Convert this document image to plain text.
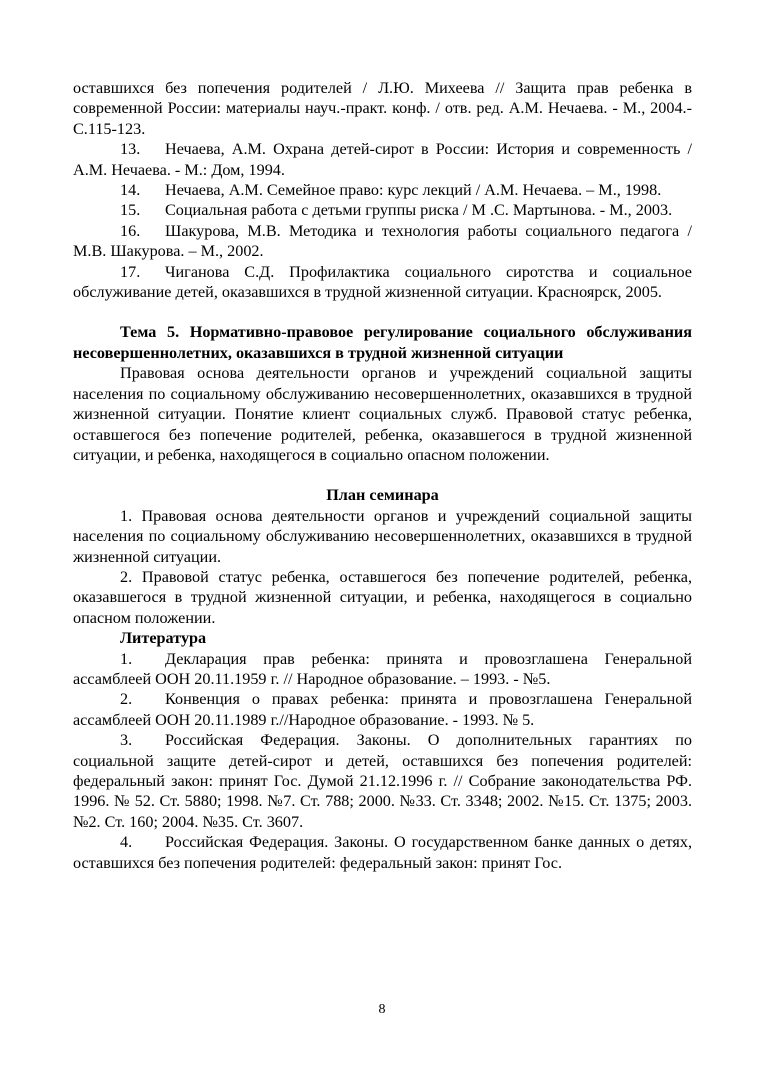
оставшихся без попечения родителей / Л.Ю. Михеева // Защита прав ребенка в современной России: материалы науч.-практ. конф. / отв. ред. А.М. Нечаева. - М., 2004.- С.115-123.

13. Нечаева, А.М. Охрана детей-сирот в России: История и современность / А.М. Нечаева. - М.: Дом, 1994.

14. Нечаева, А.М. Семейное право: курс лекций / А.М. Нечаева. – М., 1998.

15. Социальная работа с детьми группы риска / М .С. Мартынова. - М., 2003.

16. Шакурова, М.В. Методика и технология работы социального педагога / М.В. Шакурова. – М., 2002.

17. Чиганова С.Д. Профилактика социального сиротства и социальное обслуживание детей, оказавшихся в трудной жизненной ситуации. Красноярск, 2005.

Тема 5. Нормативно-правовое регулирование социального обслуживания несовершеннолетних, оказавшихся в трудной жизненной ситуации

Правовая основа деятельности органов и учреждений социальной защиты населения по социальному обслуживанию несовершеннолетних, оказавшихся в трудной жизненной ситуации. Понятие клиент социальных служб. Правовой статус ребенка, оставшегося без попечение родителей, ребенка, оказавшегося в трудной жизненной ситуации, и ребенка, находящегося в социально опасном положении.

План семинара

1. Правовая основа деятельности органов и учреждений социальной защиты населения по социальному обслуживанию несовершеннолетних, оказавшихся в трудной жизненной ситуации.

2. Правовой статус ребенка, оставшегося без попечение родителей, ребенка, оказавшегося в трудной жизненной ситуации, и ребенка, находящегося в социально опасном положении.

Литература

1. Декларация прав ребенка: принята и провозглашена Генеральной ассамблеей ООН 20.11.1959 г. // Народное образование. – 1993. - №5.

2. Конвенция о правах ребенка: принята и провозглашена Генеральной ассамблеей ООН 20.11.1989 г.//Народное образование. - 1993. № 5.

3. Российская Федерация. Законы. О дополнительных гарантиях по социальной защите детей-сирот и детей, оставшихся без попечения родителей: федеральный закон: принят Гос. Думой 21.12.1996 г. // Собрание законодательства РФ. 1996. № 52. Ст. 5880; 1998. №7. Ст. 788; 2000. №33. Ст. 3348; 2002. №15. Ст. 1375; 2003. №2. Ст. 160; 2004. №35. Ст. 3607.

4. Российская Федерация. Законы. О государственном банке данных о детях, оставшихся без попечения родителей: федеральный закон: принят Гос.

8
